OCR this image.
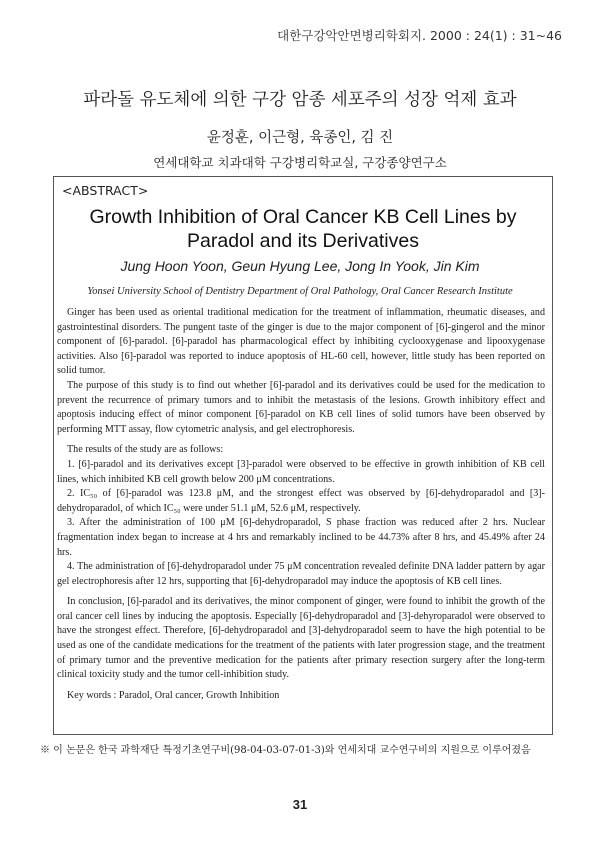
대한구강악안면병리학회지. 2000 : 24(1) : 31~46
파라돌 유도체에 의한 구강 암종 세포주의 성장 억제 효과
윤정훈, 이근형, 육종인, 김 진
연세대학교 치과대학 구강병리학교실, 구강종양연구소
<ABSTRACT>
Growth Inhibition of Oral Cancer KB Cell Lines by Paradol and its Derivatives
Jung Hoon Yoon, Geun Hyung Lee, Jong In Yook, Jin Kim
Yonsei University School of Dentistry Department of Oral Pathology, Oral Cancer Research Institute

Ginger has been used as oriental traditional medication for the treatment of inflammation, rheumatic diseases, and gastrointestinal disorders. The pungent taste of the ginger is due to the major component of [6]-gingerol and the minor component of [6]-paradol. [6]-paradol has pharmacological effect by inhibiting cyclooxygenase and lipooxygenase activities. Also [6]-paradol was reported to induce apoptosis of HL-60 cell, however, little study has been reported on solid tumor.

The purpose of this study is to find out whether [6]-paradol and its derivatives could be used for the medication to prevent the recurrence of primary tumors and to inhibit the metastasis of the lesions. Growth inhibitory effect and apoptosis inducing effect of minor component [6]-paradol on KB cell lines of solid tumors have been observed by performing MTT assay, flow cytometric analysis, and gel electrophoresis.

The results of the study are as follows:

1. [6]-paradol and its derivatives except [3]-paradol were observed to be effective in growth inhibition of KB cell lines, which inhibited KB cell growth below 200 μM concentrations.

2. IC₅₀ of [6]-paradol was 123.8 μM, and the strongest effect was observed by [6]-dehydroparadol and [3]-dehydroparadol, of which IC₅₀ were under 51.1 μM, 52.6 μM, respectively.

3. After the administration of 100 μM [6]-dehydroparadol, S phase fraction was reduced after 2 hrs. Nuclear fragmentation index began to increase at 4 hrs and remarkably inclined to be 44.73% after 8 hrs, and 45.49% after 24 hrs.

4. The administration of [6]-dehydroparadol under 75 μM concentration revealed definite DNA ladder pattern by agar gel electrophoresis after 12 hrs, supporting that [6]-dehydroparadol may induce the apoptosis of KB cell lines.

In conclusion, [6]-paradol and its derivatives, the minor component of ginger, were found to inhibit the growth of the oral cancer cell lines by inducing the apoptosis. Especially [6]-dehydroparadol and [3]-dehyroparadol were observed to have the strongest effect. Therefore, [6]-dehydroparadol and [3]-dehydroparadol seem to have the high potential to be used as one of the candidate medications for the treatment of the patients with later progression stage, and the treatment of primary tumor and the preventive medication for the patients after primary resection surgery after the long-term clinical toxicity study and the tumor cell-inhibition study.

Key words : Paradol, Oral cancer, Growth Inhibition

※ 이 논문은 한국 과학재단 특정기초연구비(98-04-03-07-01-3)와 연세치대 교수연구비의 지원으로 이루어졌음
31
